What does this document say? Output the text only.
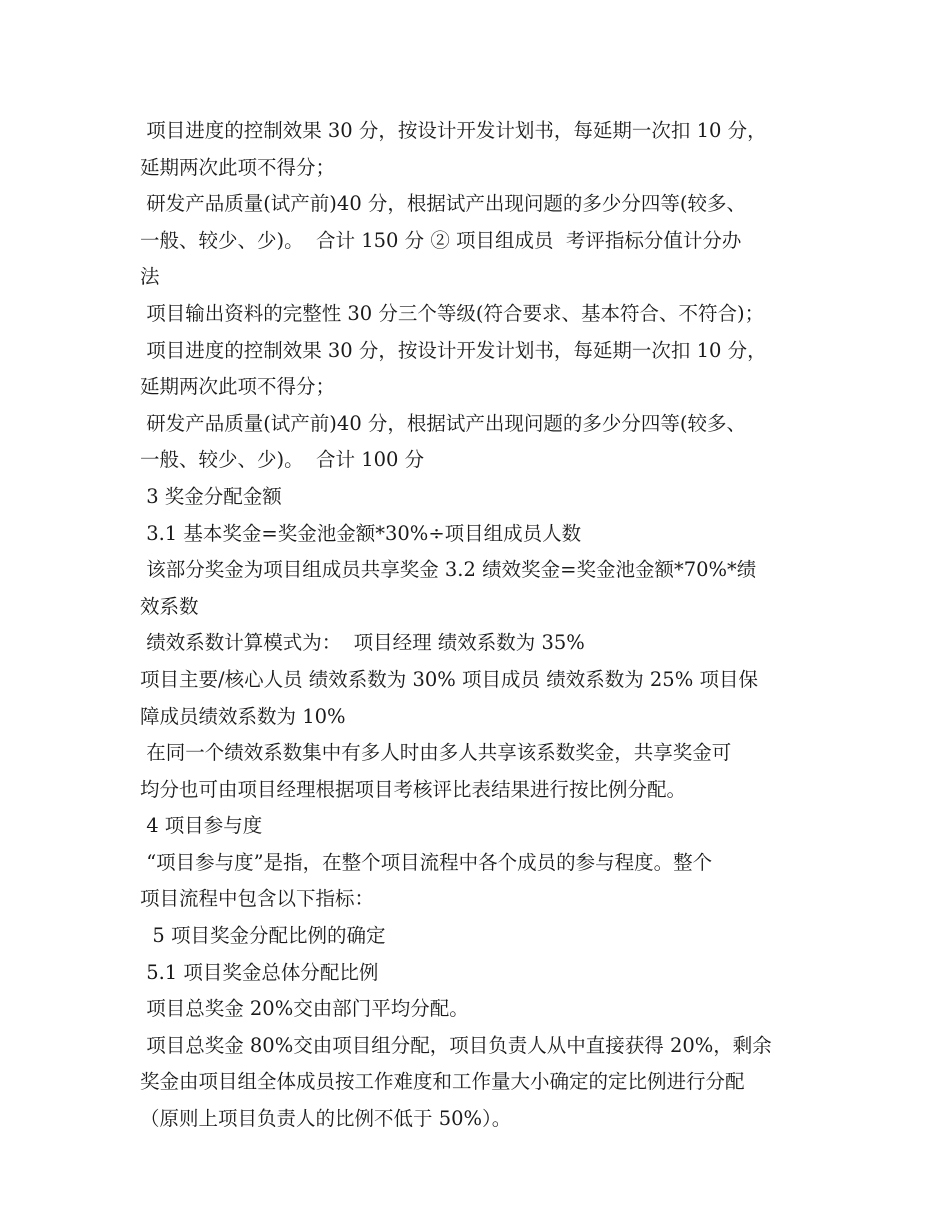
项目进度的控制效果 30 分，按设计开发计划书，每延期一次扣 10 分，
延期两次此项不得分；
研发产品质量(试产前)40 分，根据试产出现问题的多少分四等(较多、
一般、较少、少)。  合计 150 分 ② 项目组成员  考评指标分值计分办
法
项目输出资料的完整性 30 分三个等级(符合要求、基本符合、不符合)；
项目进度的控制效果 30 分，按设计开发计划书，每延期一次扣 10 分，
延期两次此项不得分；
研发产品质量(试产前)40 分，根据试产出现问题的多少分四等(较多、
一般、较少、少)。  合计 100 分
3 奖金分配金额
3.1 基本奖金=奖金池金额*30%÷项目组成员人数
该部分奖金为项目组成员共享奖金 3.2 绩效奖金=奖金池金额*70%*绩
效系数
绩效系数计算模式为：  项目经理 绩效系数为 35%
项目主要/核心人员 绩效系数为 30% 项目成员 绩效系数为 25% 项目保
障成员绩效系数为 10%
在同一个绩效系数集中有多人时由多人共享该系数奖金，共享奖金可
均分也可由项目经理根据项目考核评比表结果进行按比例分配。
4 项目参与度
“项目参与度”是指，在整个项目流程中各个成员的参与程度。整个
项目流程中包含以下指标：
5 项目奖金分配比例的确定
5.1 项目奖金总体分配比例
项目总奖金 20%交由部门平均分配。
项目总奖金 80%交由项目组分配，项目负责人从中直接获得 20%，剩余
奖金由项目组全体成员按工作难度和工作量大小确定的定比例进行分配
（原则上项目负责人的比例不低于 50%）。
